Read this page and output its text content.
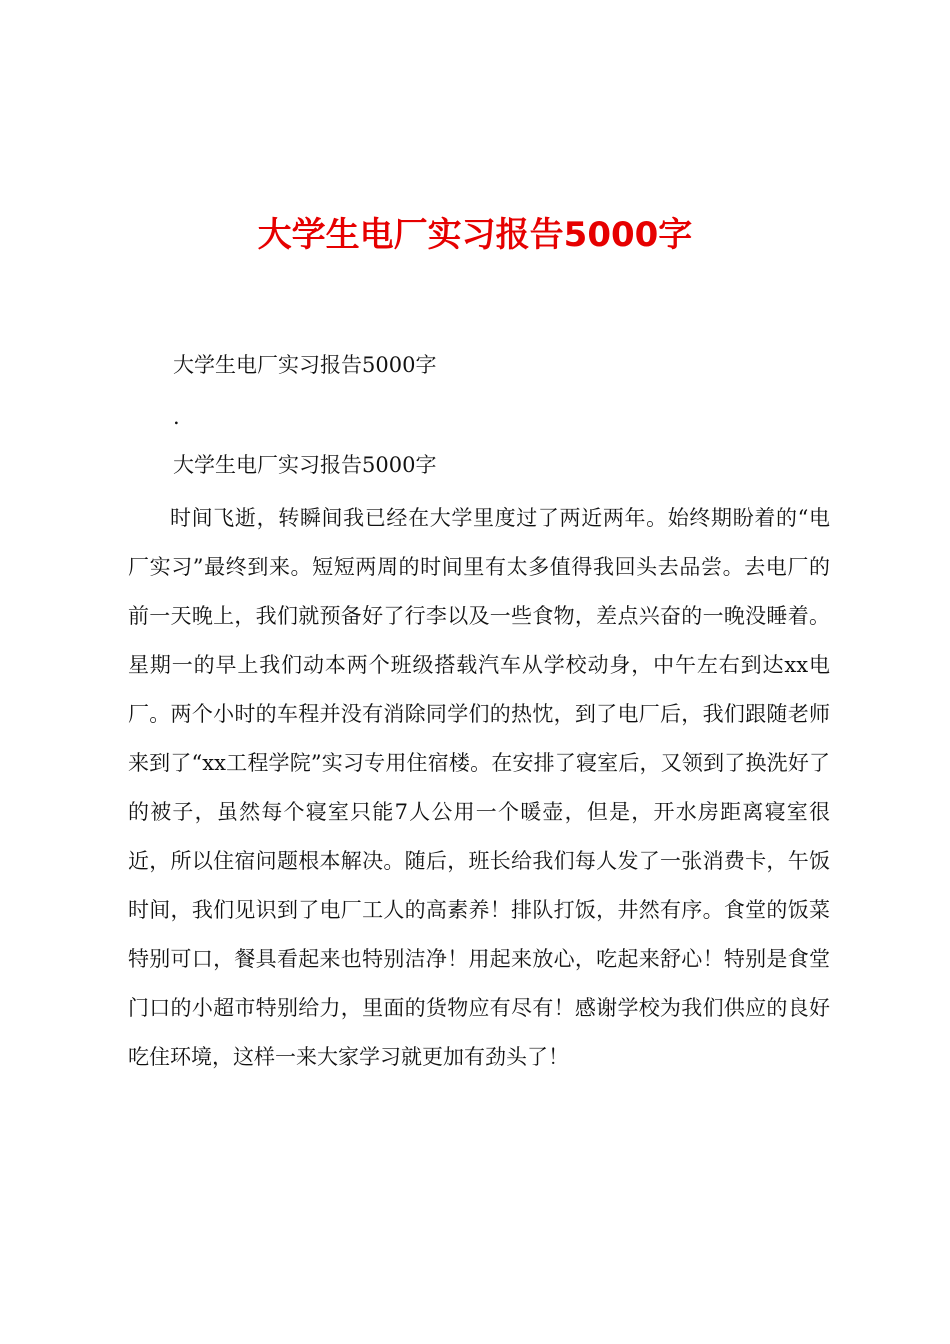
大学生电厂实习报告5000字
大学生电厂实习报告5000字
.
大学生电厂实习报告5000字

时间飞逝，转瞬间我已经在大学里度过了两近两年。始终期盼着的“电厂实习”最终到来。短短两周的时间里有太多值得我回头去品尝。去电厂的前一天晚上，我们就预备好了行李以及一些食物，差点兴奋的一晚没睡着。星期一的早上我们动本两个班级搭载汽车从学校动身，中午左右到达xx电厂。两个小时的车程并没有消除同学们的热忱，到了电厂后，我们跟随老师来到了“xx工程学院”实习专用住宿楼。在安排了寝室后，又领到了换洗好了的被子，虽然每个寝室只能7人公用一个暖壶，但是，开水房距离寝室很近，所以住宿问题根本解决。随后，班长给我们每人发了一张消费卡，午饭时间，我们见识到了电厂工人的高素养！排队打饭，井然有序。食堂的饭菜特别可口，餐具看起来也特别洁净！用起来放心，吃起来舒心！特别是食堂门口的小超市特别给力，里面的货物应有尽有！感谢学校为我们供应的良好吃住环境，这样一来大家学习就更加有劲头了！
